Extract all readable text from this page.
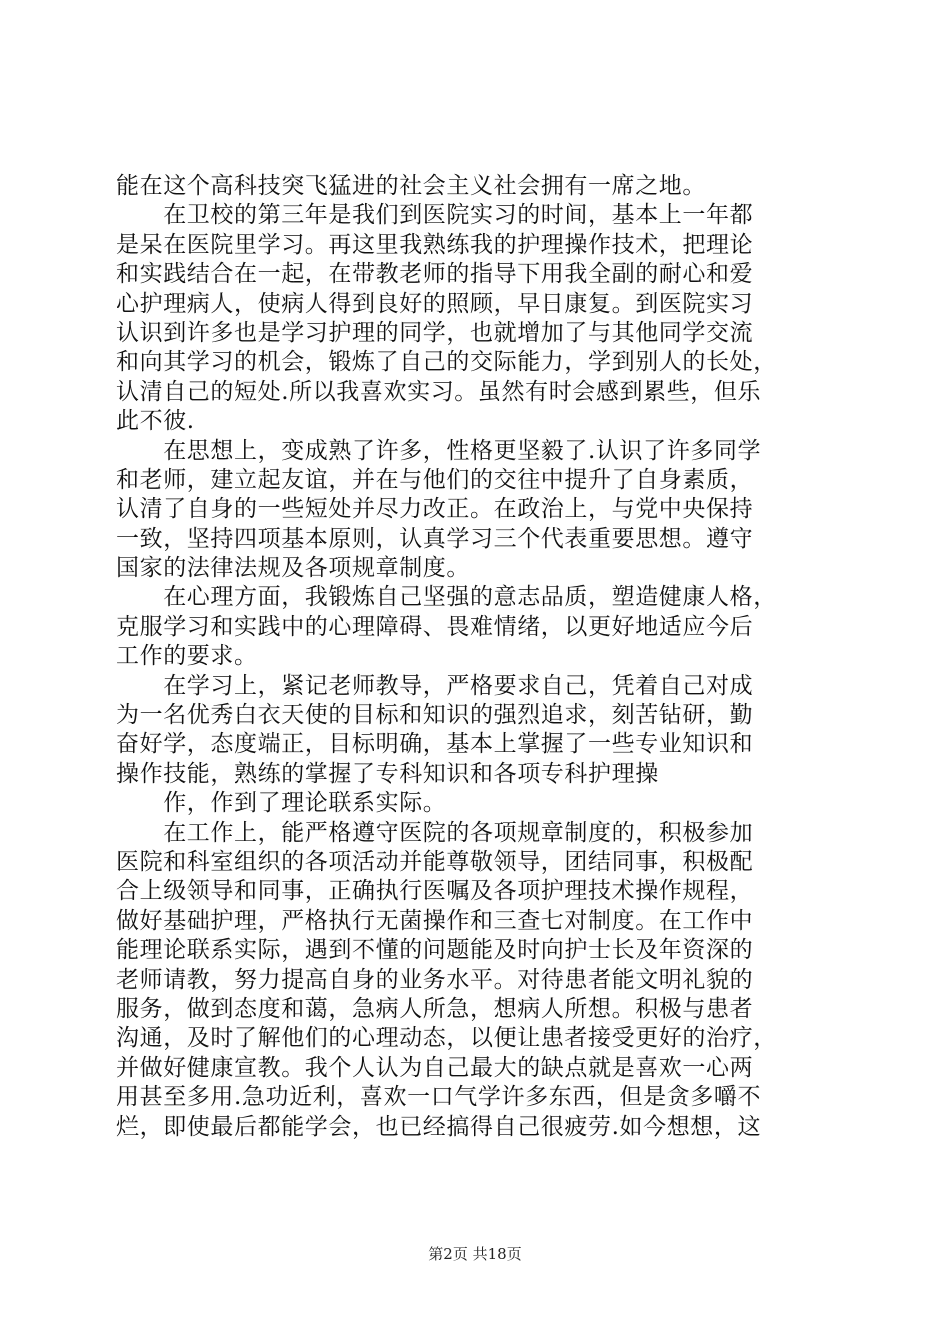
能在这个高科技突飞猛进的社会主义社会拥有一席之地。
　　在卫校的第三年是我们到医院实习的时间，基本上一年都
是呆在医院里学习。再这里我熟练我的护理操作技术，把理论
和实践结合在一起，在带教老师的指导下用我全副的耐心和爱
心护理病人，使病人得到良好的照顾，早日康复。到医院实习
认识到许多也是学习护理的同学，也就增加了与其他同学交流
和向其学习的机会，锻炼了自己的交际能力，学到别人的长处，
认清自己的短处.所以我喜欢实习。虽然有时会感到累些，但乐
此不彼.
　　在思想上，变成熟了许多，性格更坚毅了.认识了许多同学
和老师，建立起友谊，并在与他们的交往中提升了自身素质，
认清了自身的一些短处并尽力改正。在政治上，与党中央保持
一致，坚持四项基本原则，认真学习三个代表重要思想。遵守
国家的法律法规及各项规章制度。
　　在心理方面，我锻炼自己坚强的意志品质，塑造健康人格，
克服学习和实践中的心理障碍、畏难情绪，以更好地适应今后
工作的要求。
　　在学习上，紧记老师教导，严格要求自己，凭着自己对成
为一名优秀白衣天使的目标和知识的强烈追求，刻苦钻研，勤
奋好学，态度端正，目标明确，基本上掌握了一些专业知识和
操作技能，熟练的掌握了专科知识和各项专科护理操
　　作，作到了理论联系实际。
　　在工作上，能严格遵守医院的各项规章制度的，积极参加
医院和科室组织的各项活动并能尊敬领导，团结同事，积极配
合上级领导和同事，正确执行医嘱及各项护理技术操作规程，
做好基础护理，严格执行无菌操作和三查七对制度。在工作中
能理论联系实际，遇到不懂的问题能及时向护士长及年资深的
老师请教，努力提高自身的业务水平。对待患者能文明礼貌的
服务，做到态度和蔼，急病人所急，想病人所想。积极与患者
沟通，及时了解他们的心理动态，以便让患者接受更好的治疗，
并做好健康宣教。我个人认为自己最大的缺点就是喜欢一心两
用甚至多用.急功近利，喜欢一口气学许多东西，但是贪多嚼不
烂，即使最后都能学会，也已经搞得自己很疲劳.如今想想，这
第2页 共18页
